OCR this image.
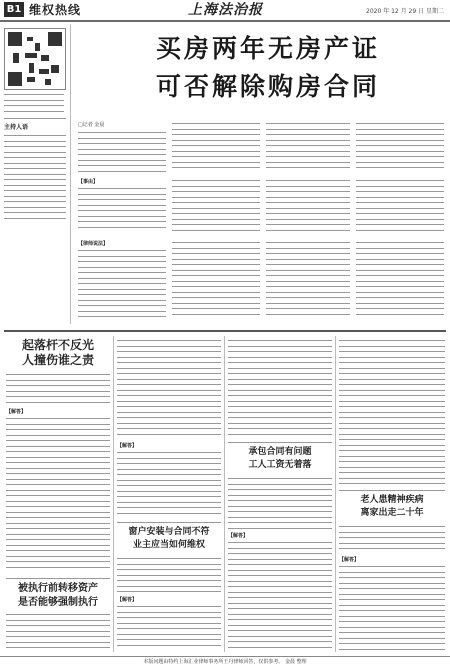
B1 维权热线	上海法治报	2020 年 12 月 29 日 星期二
主持人语
买房两年无房产证
可否解除购房合同
□记者 金晨
【事由】
【律师说法】
起落杆不反光
人撞伤谁之责
【解答】
被执行前转移资产
是否能够强制执行
【解答】
窗户安装与合同不符
业主应当如何维权
【解答】
承包合同有问题
工人工资无着落
【解答】
老人患精神疾病
离家出走二十年
【解答】
本版问题由特约上海汇业律师事务所王丹律师回答，仅供参考。 金晨 整理
